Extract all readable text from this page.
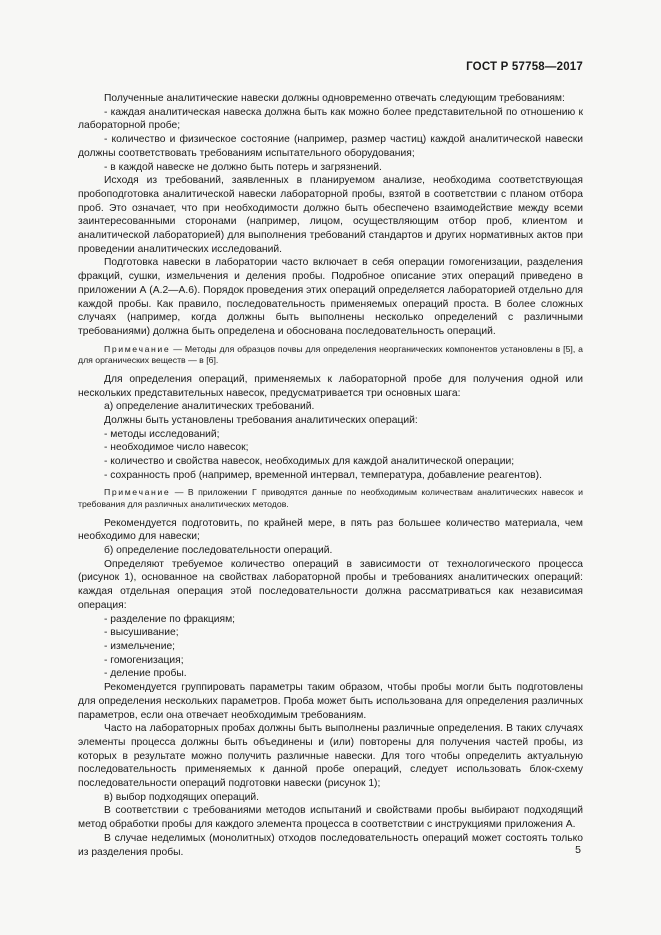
ГОСТ Р 57758—2017

Полученные аналитические навески должны одновременно отвечать следующим требованиям:

- каждая аналитическая навеска должна быть как можно более представительной по отношению к лабораторной пробе;

- количество и физическое состояние (например, размер частиц) каждой аналитической навески должны соответствовать требованиям испытательного оборудования;

- в каждой навеске не должно быть потерь и загрязнений.

Исходя из требований, заявленных в планируемом анализе, необходима соответствующая пробоподготовка аналитической навески лабораторной пробы, взятой в соответствии с планом отбора проб. Это означает, что при необходимости должно быть обеспечено взаимодействие между всеми заинтересованными сторонами (например, лицом, осуществляющим отбор проб, клиентом и аналитической лабораторией) для выполнения требований стандартов и других нормативных актов при проведении аналитических исследований.

Подготовка навески в лаборатории часто включает в себя операции гомогенизации, разделения фракций, сушки, измельчения и деления пробы. Подробное описание этих операций приведено в приложении А (А.2—А.6). Порядок проведения этих операций определяется лабораторией отдельно для каждой пробы. Как правило, последовательность применяемых операций проста. В более сложных случаях (например, когда должны быть выполнены несколько определений с различными требованиями) должна быть определена и обоснована последовательность операций.

Примечание — Методы для образцов почвы для определения неорганических компонентов установлены в [5], а для органических веществ — в [6].

Для определения операций, применяемых к лабораторной пробе для получения одной или нескольких представительных навесок, предусматривается три основных шага:

а) определение аналитических требований.

Должны быть установлены требования аналитических операций:

- методы исследований;

- необходимое число навесок;

- количество и свойства навесок, необходимых для каждой аналитической операции;

- сохранность проб (например, временной интервал, температура, добавление реагентов).

Примечание — В приложении Г приводятся данные по необходимым количествам аналитических навесок и требования для различных аналитических методов.

Рекомендуется подготовить, по крайней мере, в пять раз большее количество материала, чем необходимо для навески;

б) определение последовательности операций.

Определяют требуемое количество операций в зависимости от технологического процесса (рисунок 1), основанное на свойствах лабораторной пробы и требованиях аналитических операций: каждая отдельная операция этой последовательности должна рассматриваться как независимая операция:

- разделение по фракциям;

- высушивание;

- измельчение;

- гомогенизация;

- деление пробы.

Рекомендуется группировать параметры таким образом, чтобы пробы могли быть подготовлены для определения нескольких параметров. Проба может быть использована для определения различных параметров, если она отвечает необходимым требованиям.

Часто на лабораторных пробах должны быть выполнены различные определения. В таких случаях элементы процесса должны быть объединены и (или) повторены для получения частей пробы, из которых в результате можно получить различные навески. Для того чтобы определить актуальную последовательность применяемых к данной пробе операций, следует использовать блок-схему последовательности операций подготовки навески (рисунок 1);

в) выбор подходящих операций.

В соответствии с требованиями методов испытаний и свойствами пробы выбирают подходящий метод обработки пробы для каждого элемента процесса в соответствии с инструкциями приложения А.

В случае неделимых (монолитных) отходов последовательность операций может состоять только из разделения пробы.	5
